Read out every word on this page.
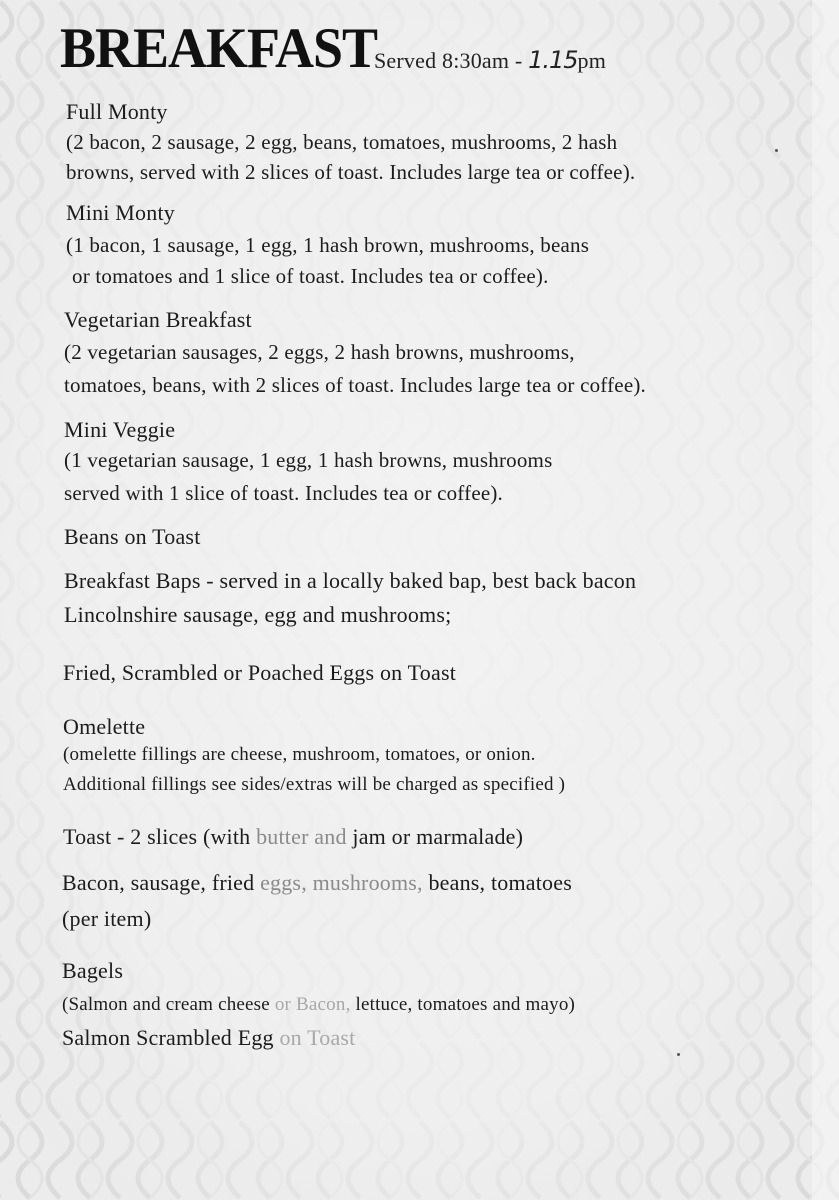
BREAKFAST
Served 8:30am - 1.15pm
Full Monty
(2 bacon, 2 sausage, 2 egg, beans, tomatoes, mushrooms, 2 hash
browns, served with 2 slices of toast. Includes large tea or coffee).
Mini Monty
(1 bacon, 1 sausage, 1 egg, 1 hash brown, mushrooms, beans
or tomatoes and 1 slice of toast. Includes tea or coffee).
Vegetarian Breakfast
(2 vegetarian sausages, 2 eggs, 2 hash browns, mushrooms,
tomatoes, beans, with 2 slices of toast. Includes large tea or coffee).
Mini Veggie
(1 vegetarian sausage, 1 egg, 1 hash browns, mushrooms
served with 1 slice of toast. Includes tea or coffee).
Beans on Toast
Breakfast Baps - served in a locally baked bap, best back bacon
Lincolnshire sausage, egg and mushrooms;
Fried, Scrambled or Poached Eggs on Toast
Omelette
(omelette fillings are cheese, mushroom, tomatoes, or onion.
Additional fillings see sides/extras will be charged as specified )
Toast - 2 slices (with butter and jam or marmalade)
Bacon, sausage, fried eggs, mushrooms, beans, tomatoes
(per item)
Bagels
(Salmon and cream cheese or Bacon, lettuce, tomatoes and mayo)
Salmon Scrambled Egg on Toast
